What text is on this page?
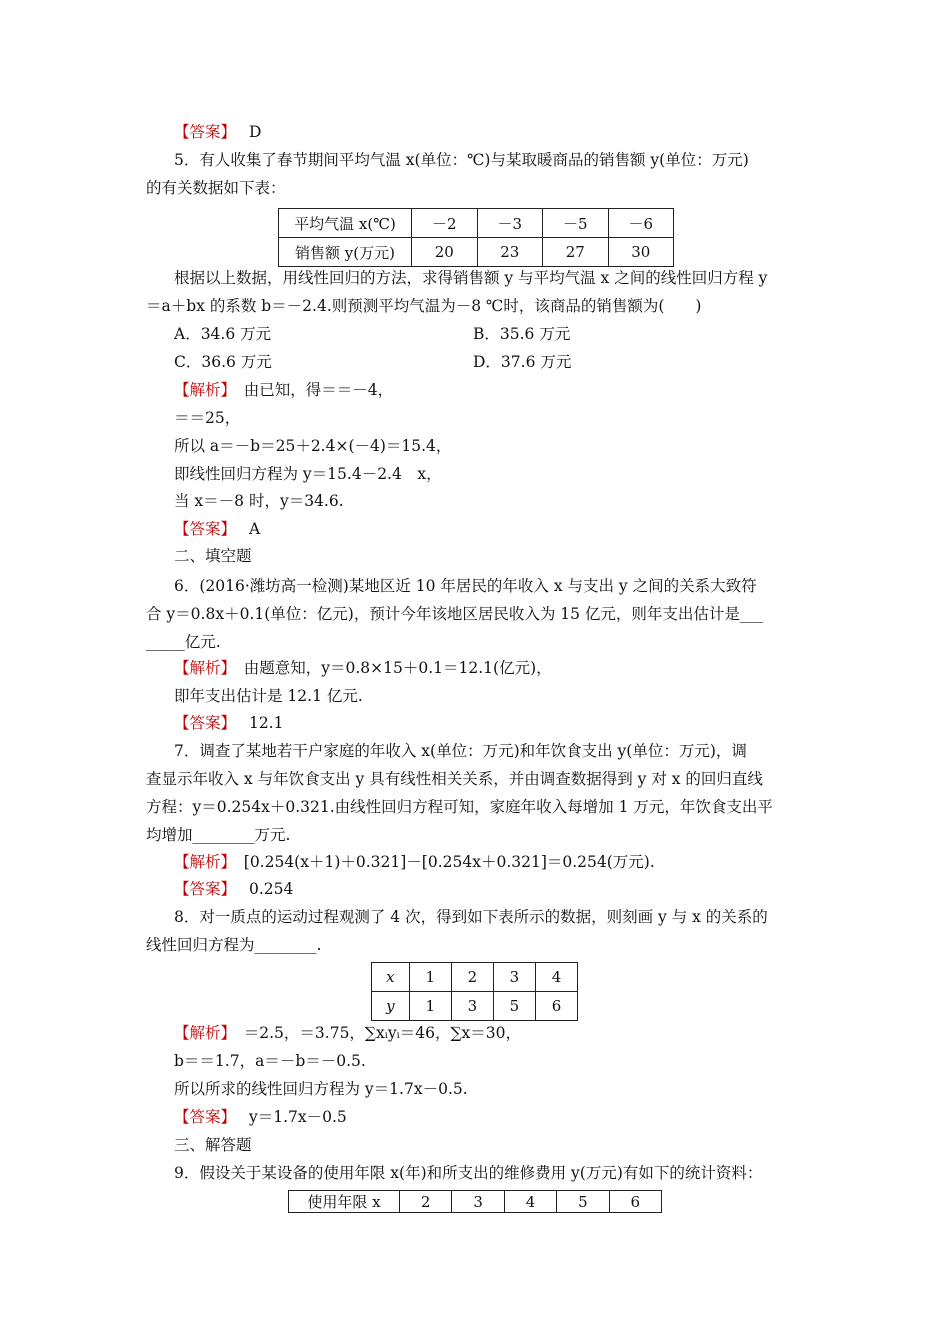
【答案】 D
5．有人收集了春节期间平均气温 x(单位：℃)与某取暖商品的销售额 y(单位：万元)
的有关数据如下表：
平均气温 x(℃)	－2	－3	－5	－6
销售额 y(万元)	20	23	27	30
根据以上数据，用线性回归的方法，求得销售额 y 与平均气温 x 之间的线性回归方程 y
＝a＋bx 的系数 b＝－2.4.则预测平均气温为－8 ℃时，该商品的销售额为(　　)
A．34.6 万元	B．35.6 万元
C．36.6 万元	D．37.6 万元
【解析】　由已知，得＝＝－4，
＝＝25，
所以 a＝－b＝25＋2.4×(－4)＝15.4，
即线性回归方程为 y＝15.4－2.4　x，
当 x＝－8 时，y＝34.6.
【答案】 A
二、填空题
6．(2016·潍坊高一检测)某地区近 10 年居民的年收入 x 与支出 y 之间的关系大致符
合 y＝0.8x＋0.1(单位：亿元)，预计今年该地区居民收入为 15 亿元，则年支出估计是___
_____亿元.
【解析】　由题意知，y＝0.8×15＋0.1＝12.1(亿元)，
即年支出估计是 12.1 亿元.
【答案】 12.1
7．调查了某地若干户家庭的年收入 x(单位：万元)和年饮食支出 y(单位：万元)，调
查显示年收入 x 与年饮食支出 y 具有线性相关关系，并由调查数据得到 y 对 x 的回归直线
方程：y＝0.254x＋0.321.由线性回归方程可知，家庭年收入每增加 1 万元，年饮食支出平
均增加________万元.
【解析】　[0.254(x＋1)＋0.321]－[0.254x＋0.321]＝0.254(万元).
【答案】 0.254
8．对一质点的运动过程观测了 4 次，得到如下表所示的数据，则刻画 y 与 x 的关系的
线性回归方程为________.
x	1	2	3	4
y	1	3	5	6
【解析】　＝2.5，＝3.75，∑xᵢyᵢ＝46，∑x＝30，
b＝＝1.7，a＝－b＝－0.5.
所以所求的线性回归方程为 y＝1.7x－0.5.
【答案】 y＝1.7x－0.5
三、解答题
9．假设关于某设备的使用年限 x(年)和所支出的维修费用 y(万元)有如下的统计资料：
使用年限 x	2	3	4	5	6
